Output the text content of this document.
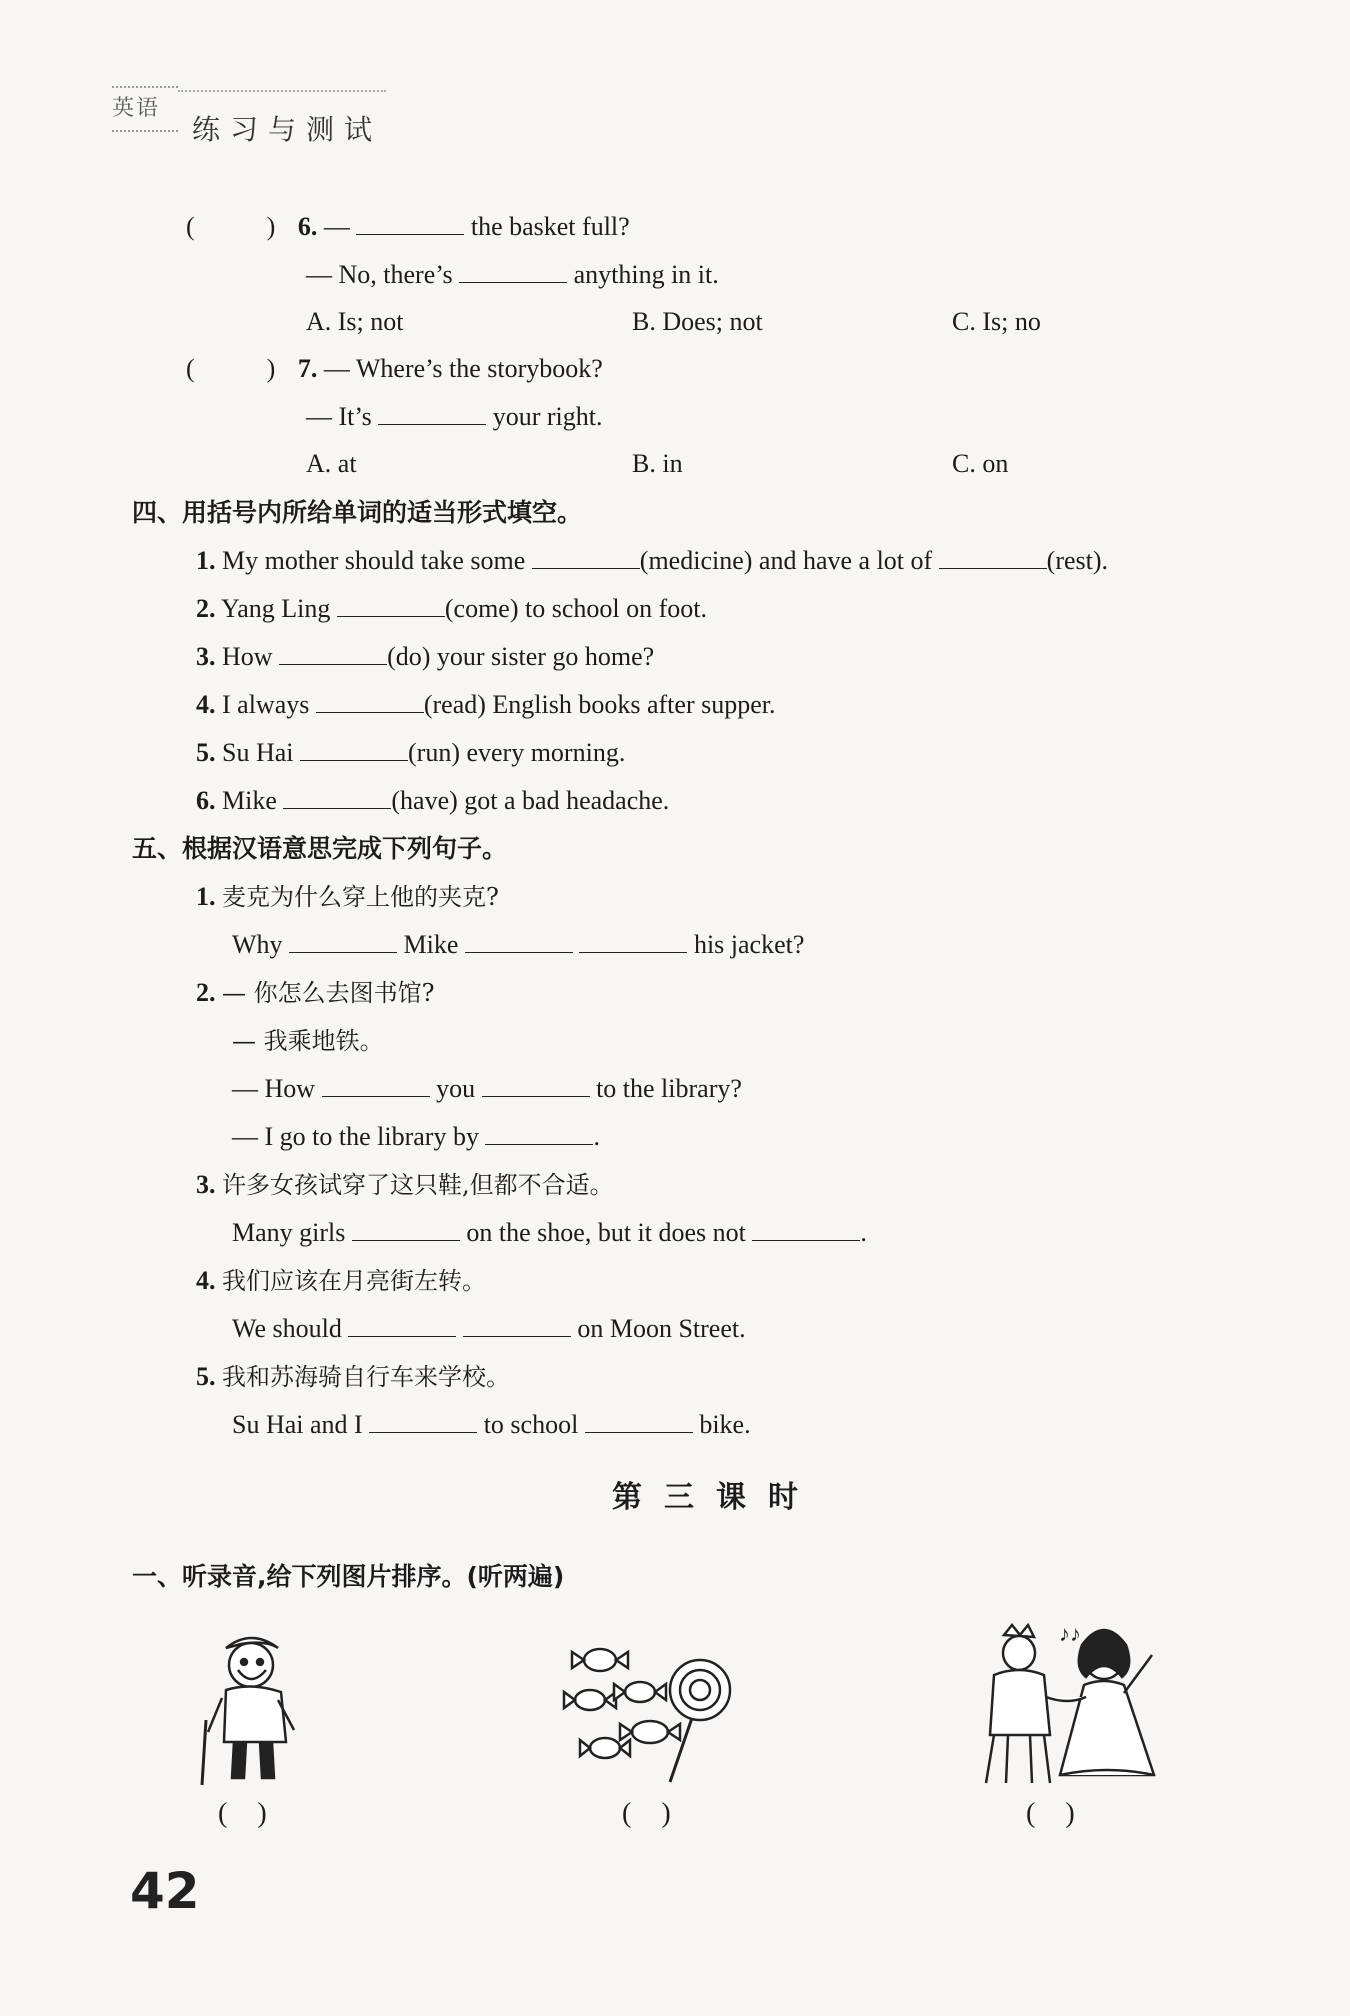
英语
练习与测试
(	) 6. —	the basket full?
— No, there’s	anything in it.
A. Is; not	B. Does; not	C. Is; no
(	) 7. — Where’s the storybook?
— It’s	your right.
A. at	B. in	C. on
四、用括号内所给单词的适当形式填空。
1. My mother should take some	(medicine) and have a lot of	(rest).
2. Yang Ling	(come) to school on foot.
3. How	(do) your sister go home?
4. I always	(read) English books after supper.
5. Su Hai	(run) every morning.
6. Mike	(have) got a bad headache.
五、根据汉语意思完成下列句子。
1. 麦克为什么穿上他的夹克?
Why	Mike	his jacket?
2. — 你怎么去图书馆?
— 我乘地铁。
— How	you	to the library?
— I go to the library by	.
3. 许多女孩试穿了这只鞋,但都不合适。
Many girls	on the shoe, but it does not	.
4. 我们应该在月亮街左转。
We should	on Moon Street.
5. 我和苏海骑自行车来学校。
Su Hai and I	to school	bike.
第三课时
一、听录音,给下列图片排序。(听两遍)
()	()
♪♪
()
42
